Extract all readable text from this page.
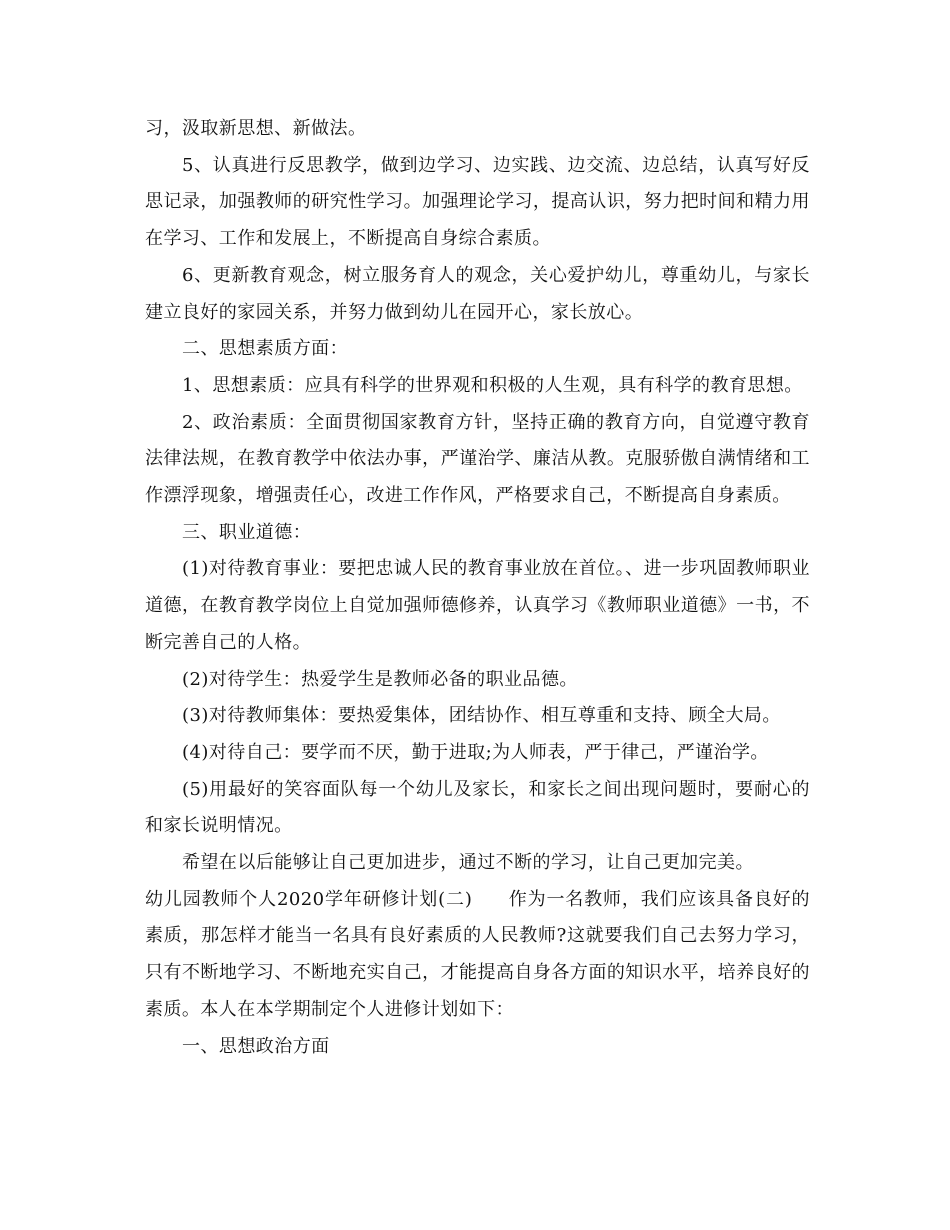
习，汲取新思想、新做法。

5、认真进行反思教学，做到边学习、边实践、边交流、边总结，认真写好反思记录，加强教师的研究性学习。加强理论学习，提高认识，努力把时间和精力用在学习、工作和发展上，不断提高自身综合素质。

6、更新教育观念，树立服务育人的观念，关心爱护幼儿，尊重幼儿，与家长建立良好的家园关系，并努力做到幼儿在园开心，家长放心。

二、思想素质方面：

1、思想素质：应具有科学的世界观和积极的人生观，具有科学的教育思想。

2、政治素质：全面贯彻国家教育方针，坚持正确的教育方向，自觉遵守教育法律法规，在教育教学中依法办事，严谨治学、廉洁从教。克服骄傲自满情绪和工作漂浮现象，增强责任心，改进工作作风，严格要求自己，不断提高自身素质。

三、职业道德：

(1)对待教育事业：要把忠诚人民的教育事业放在首位。、进一步巩固教师职业道德，在教育教学岗位上自觉加强师德修养，认真学习《教师职业道德》一书，不断完善自己的人格。

(2)对待学生：热爱学生是教师必备的职业品德。

(3)对待教师集体：要热爱集体，团结协作、相互尊重和支持、顾全大局。

(4)对待自己：要学而不厌，勤于进取;为人师表，严于律己，严谨治学。

(5)用最好的笑容面队每一个幼儿及家长，和家长之间出现问题时，要耐心的和家长说明情况。

希望在以后能够让自己更加进步，通过不断的学习，让自己更加完美。

幼儿园教师个人2020学年研修计划(二) 作为一名教师，我们应该具备良好的素质，那怎样才能当一名具有良好素质的人民教师?这就要我们自己去努力学习，只有不断地学习、不断地充实自己，才能提高自身各方面的知识水平，培养良好的素质。本人在本学期制定个人进修计划如下：

一、思想政治方面
